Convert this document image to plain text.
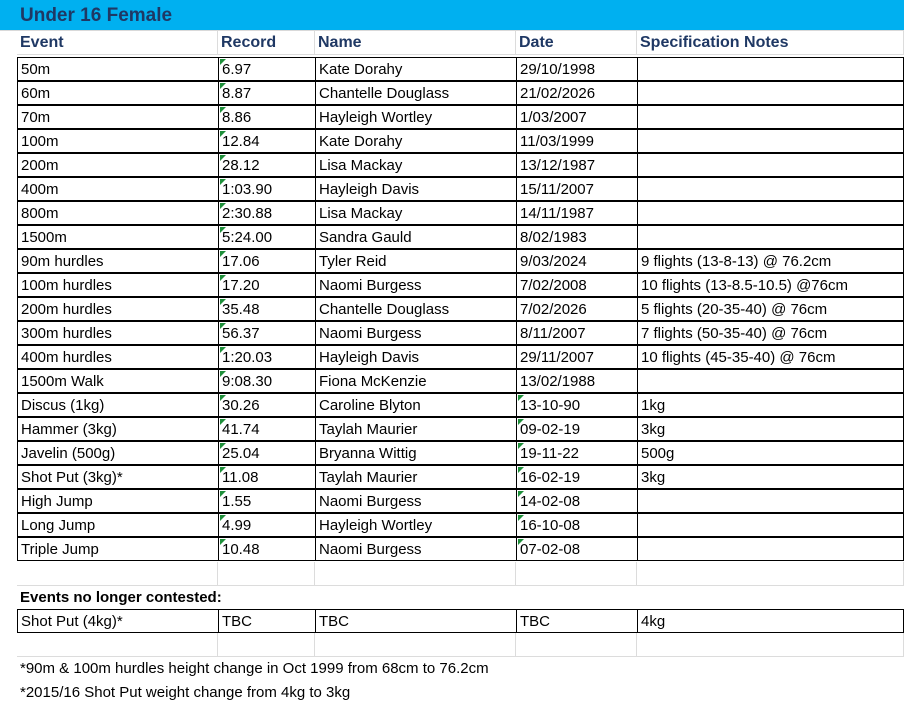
Under 16 Female
Event	Record	Name	Date	Specification Notes
50m	6.97	Kate Dorahy	29/10/1998
60m	8.87	Chantelle Douglass	21/02/2026
70m	8.86	Hayleigh Wortley	1/03/2007
100m	12.84	Kate Dorahy	11/03/1999
200m	28.12	Lisa Mackay	13/12/1987
400m	1:03.90	Hayleigh Davis	15/11/2007
800m	2:30.88	Lisa Mackay	14/11/1987
1500m	5:24.00	Sandra Gauld	8/02/1983
90m hurdles	17.06	Tyler Reid	9/03/2024	9 flights (13-8-13) @ 76.2cm
100m hurdles	17.20	Naomi Burgess	7/02/2008	10 flights (13-8.5-10.5) @76cm
200m hurdles	35.48	Chantelle Douglass	7/02/2026	5 flights (20-35-40) @ 76cm
300m hurdles	56.37	Naomi Burgess	8/11/2007	7 flights (50-35-40) @ 76cm
400m hurdles	1:20.03	Hayleigh Davis	29/11/2007	10 flights (45-35-40) @ 76cm
1500m Walk	9:08.30	Fiona McKenzie	13/02/1988
Discus (1kg)	30.26	Caroline Blyton	13-10-90	1kg
Hammer (3kg)	41.74	Taylah Maurier	09-02-19	3kg
Javelin (500g)	25.04	Bryanna Wittig	19-11-22	500g
Shot Put (3kg)*	11.08	Taylah Maurier	16-02-19	3kg
High Jump	1.55	Naomi Burgess	14-02-08
Long Jump	4.99	Hayleigh Wortley	16-10-08
Triple Jump	10.48	Naomi Burgess	07-02-08
Events no longer contested:
Shot Put (4kg)*	TBC	TBC	TBC	4kg
*90m & 100m hurdles height change in Oct 1999 from 68cm to 76.2cm
*2015/16 Shot Put weight change from 4kg to 3kg
